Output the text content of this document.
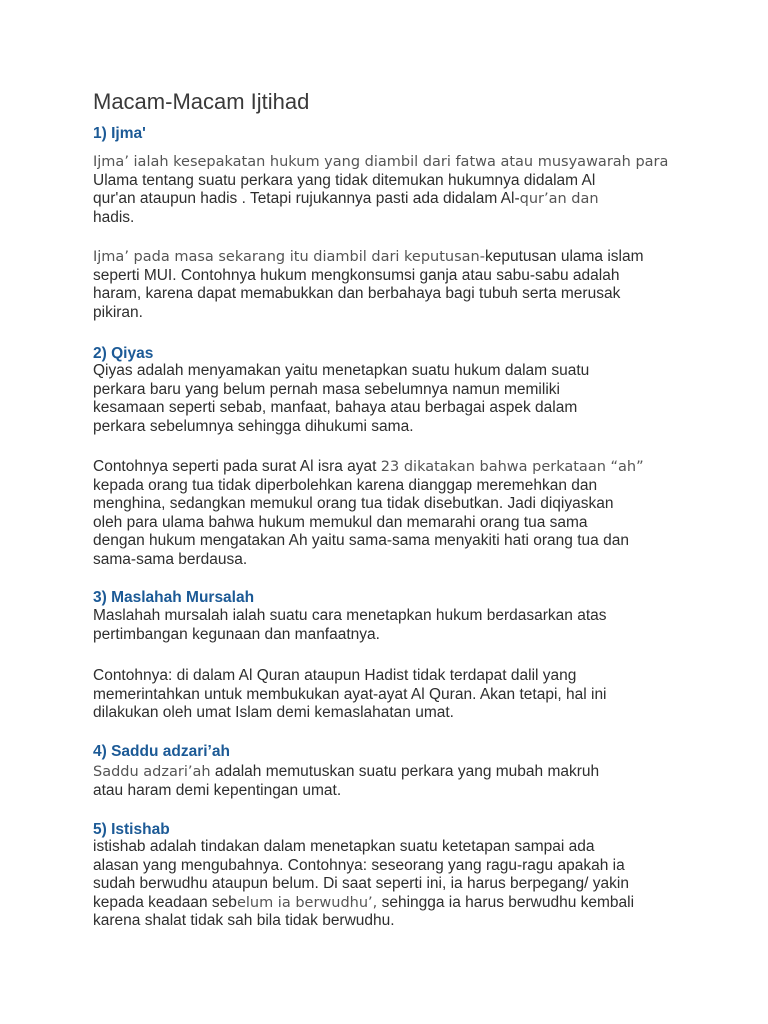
Macam-Macam Ijtihad
1) Ijma'
Ijma’ ialah kesepakatan hukum yang diambil dari fatwa atau musyawarah para
Ulama tentang suatu perkara yang tidak ditemukan hukumnya didalam Al
qur'an ataupun hadis . Tetapi rujukannya pasti ada didalam Al-qur’an dan
hadis.
Ijma’ pada masa sekarang itu diambil dari keputusan-keputusan ulama islam
seperti MUI. Contohnya hukum mengkonsumsi ganja atau sabu-sabu adalah
haram, karena dapat memabukkan dan berbahaya bagi tubuh serta merusak
pikiran.
2) Qiyas
Qiyas adalah menyamakan yaitu menetapkan suatu hukum dalam suatu
perkara baru yang belum pernah masa sebelumnya namun memiliki
kesamaan seperti sebab, manfaat, bahaya atau berbagai aspek dalam
perkara sebelumnya sehingga dihukumi sama.
Contohnya seperti pada surat Al isra ayat 23 dikatakan bahwa perkataan “ah”
kepada orang tua tidak diperbolehkan karena dianggap meremehkan dan
menghina, sedangkan memukul orang tua tidak disebutkan. Jadi diqiyaskan
oleh para ulama bahwa hukum memukul dan memarahi orang tua sama
dengan hukum mengatakan Ah yaitu sama-sama menyakiti hati orang tua dan
sama-sama berdausa.
3) Maslahah Mursalah
Maslahah mursalah ialah suatu cara menetapkan hukum berdasarkan atas
pertimbangan kegunaan dan manfaatnya.
Contohnya: di dalam Al Quran ataupun Hadist tidak terdapat dalil yang
memerintahkan untuk membukukan ayat-ayat Al Quran. Akan tetapi, hal ini
dilakukan oleh umat Islam demi kemaslahatan umat.
4) Saddu adzari’ah
Saddu adzari’ah adalah memutuskan suatu perkara yang mubah makruh
atau haram demi kepentingan umat.
5) Istishab
istishab adalah tindakan dalam menetapkan suatu ketetapan sampai ada
alasan yang mengubahnya. Contohnya: seseorang yang ragu-ragu apakah ia
sudah berwudhu ataupun belum. Di saat seperti ini, ia harus berpegang/ yakin
kepada keadaan sebelum ia berwudhu’, sehingga ia harus berwudhu kembali
karena shalat tidak sah bila tidak berwudhu.
